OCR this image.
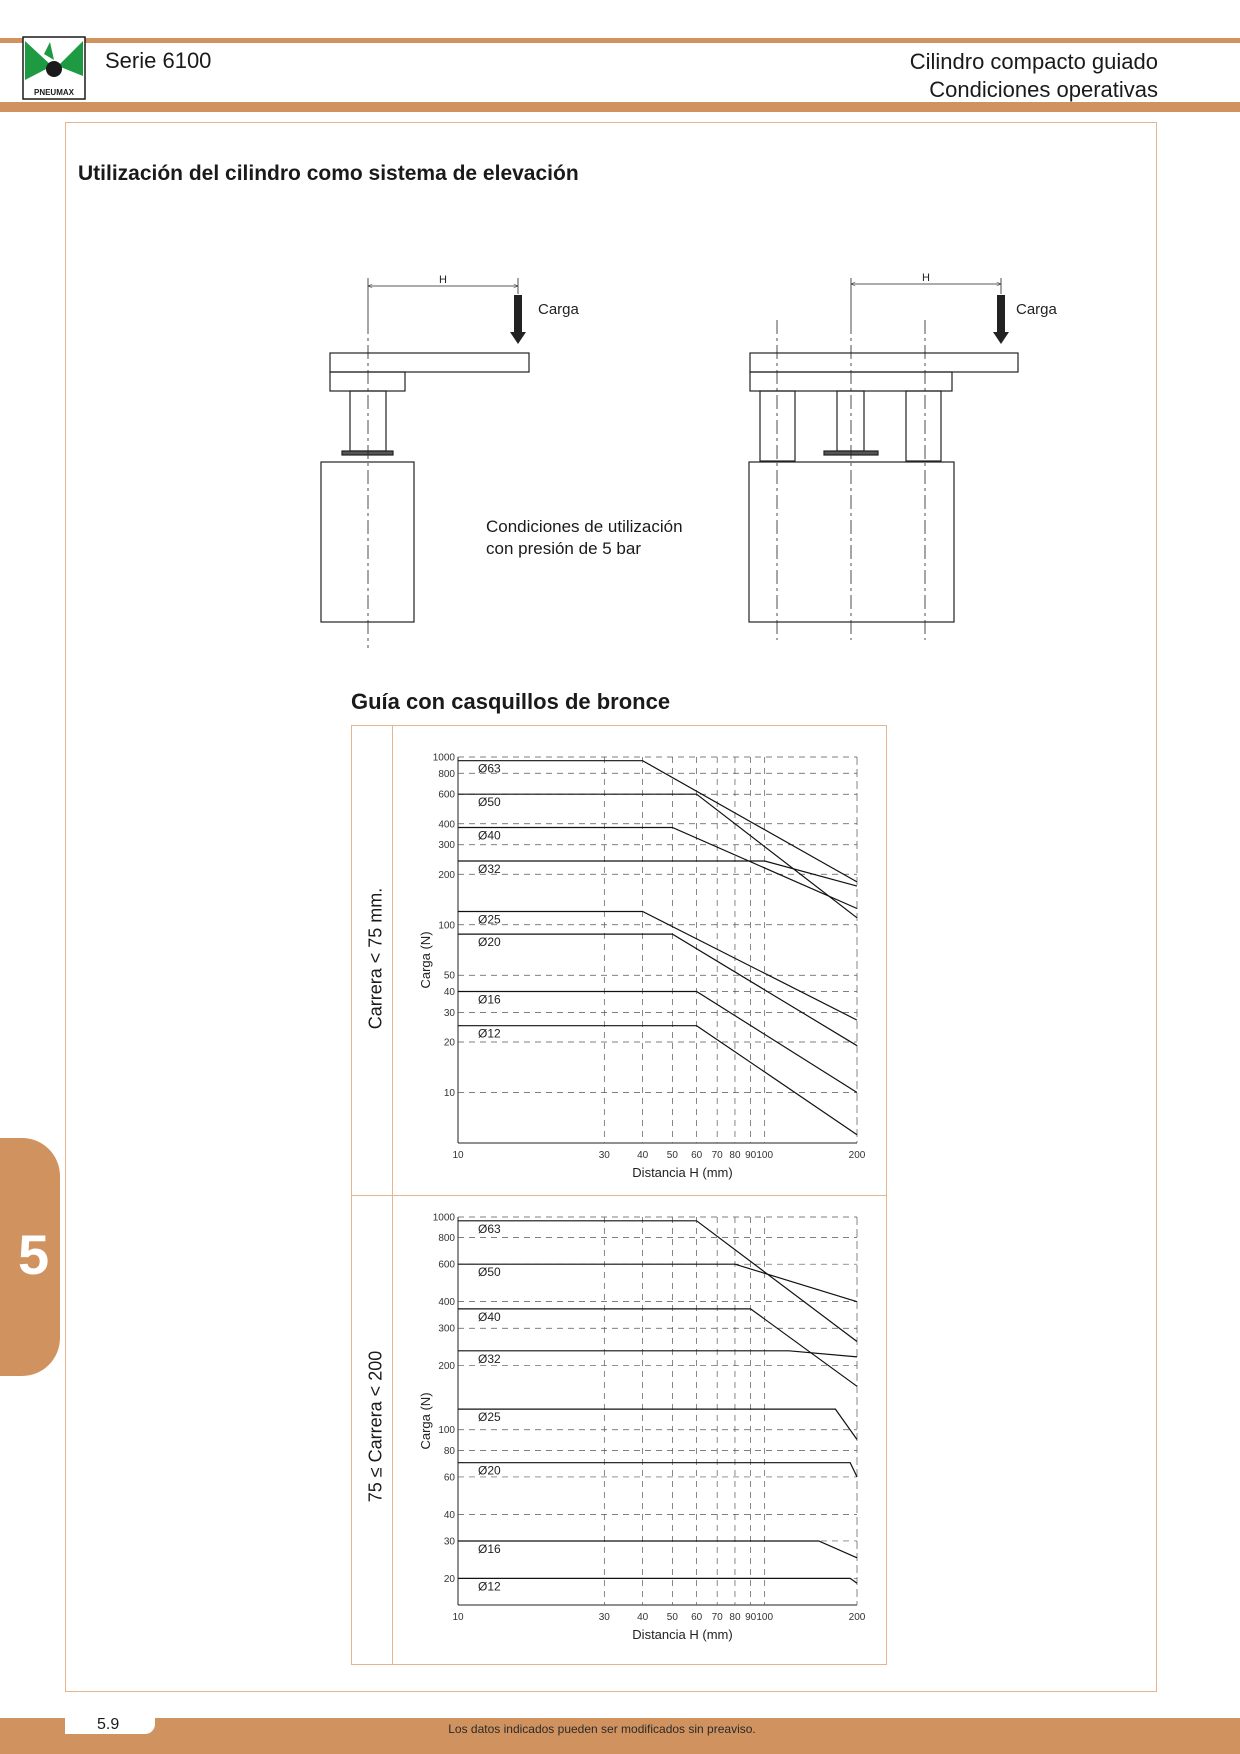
PNEUMAX
Serie 6100	Cilindro compacto guiado
Condiciones operativas
Utilización del cilindro como sistema de elevación
H	H
Carga	Carga
Condiciones de utilización
con presión de 5 bar
Guía con casquillos de bronce
Carrera < 75 mm.
75 ≤ Carrera < 200
10	30	40 50 60 70 80 90 100	200
10
20
30
40
50
100
200
300
400
600
800
1000
Distancia H (mm)
Carga (N)
Ø63
Ø50
Ø40
Ø32
Ø25
Ø20
Ø16
Ø12
10	30	40 50 60 70 80 90 100	200
20
30
40
60
80
100
200
300
400
600
800
1000
Distancia H (mm)
Carga (N)
Ø63
Ø50
Ø40
Ø32
Ø25
Ø20
Ø16
Ø12
5
5.9	Los datos indicados pueden ser modificados sin preaviso.
